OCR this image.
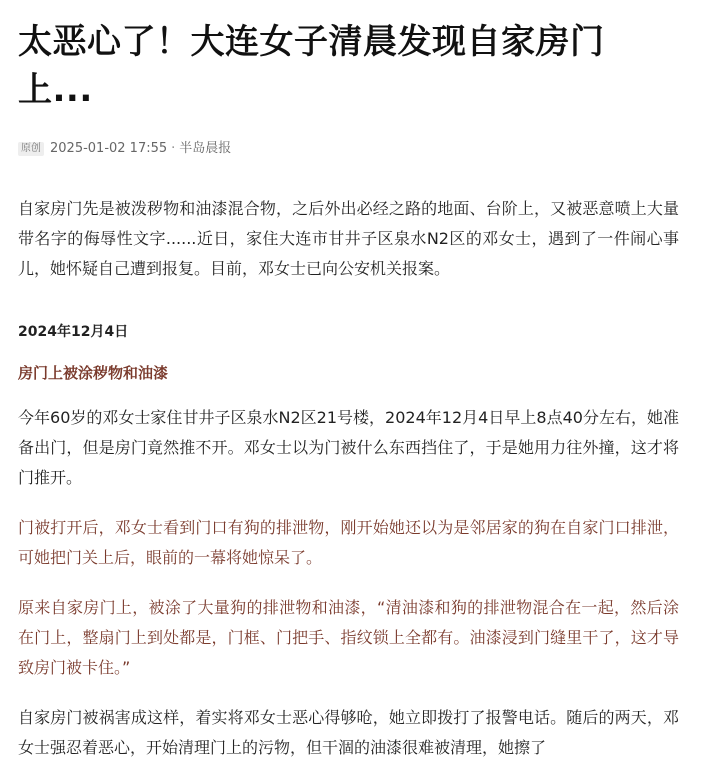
太恶心了！大连女子清晨发现自家房门上...
原创 2025-01-02 17:55 · 半岛晨报

自家房门先是被泼秽物和油漆混合物，之后外出必经之路的地面、台阶上，又被恶意喷上大量带名字的侮辱性文字......近日，家住大连市甘井子区泉水N2区的邓女士，遇到了一件闹心事儿，她怀疑自己遭到报复。目前，邓女士已向公安机关报案。

2024年12月4日
房门上被涂秽物和油漆

今年60岁的邓女士家住甘井子区泉水N2区21号楼，2024年12月4日早上8点40分左右，她准备出门，但是房门竟然推不开。邓女士以为门被什么东西挡住了，于是她用力往外撞，这才将门推开。

门被打开后，邓女士看到门口有狗的排泄物，刚开始她还以为是邻居家的狗在自家门口排泄，可她把门关上后，眼前的一幕将她惊呆了。

原来自家房门上，被涂了大量狗的排泄物和油漆，“清油漆和狗的排泄物混合在一起，然后涂在门上，整扇门上到处都是，门框、门把手、指纹锁上全都有。油漆浸到门缝里干了，这才导致房门被卡住。”

自家房门被祸害成这样，着实将邓女士恶心得够呛，她立即拨打了报警电话。随后的两天，邓女士强忍着恶心，开始清理门上的污物，但干涸的油漆很难被清理，她擦了
